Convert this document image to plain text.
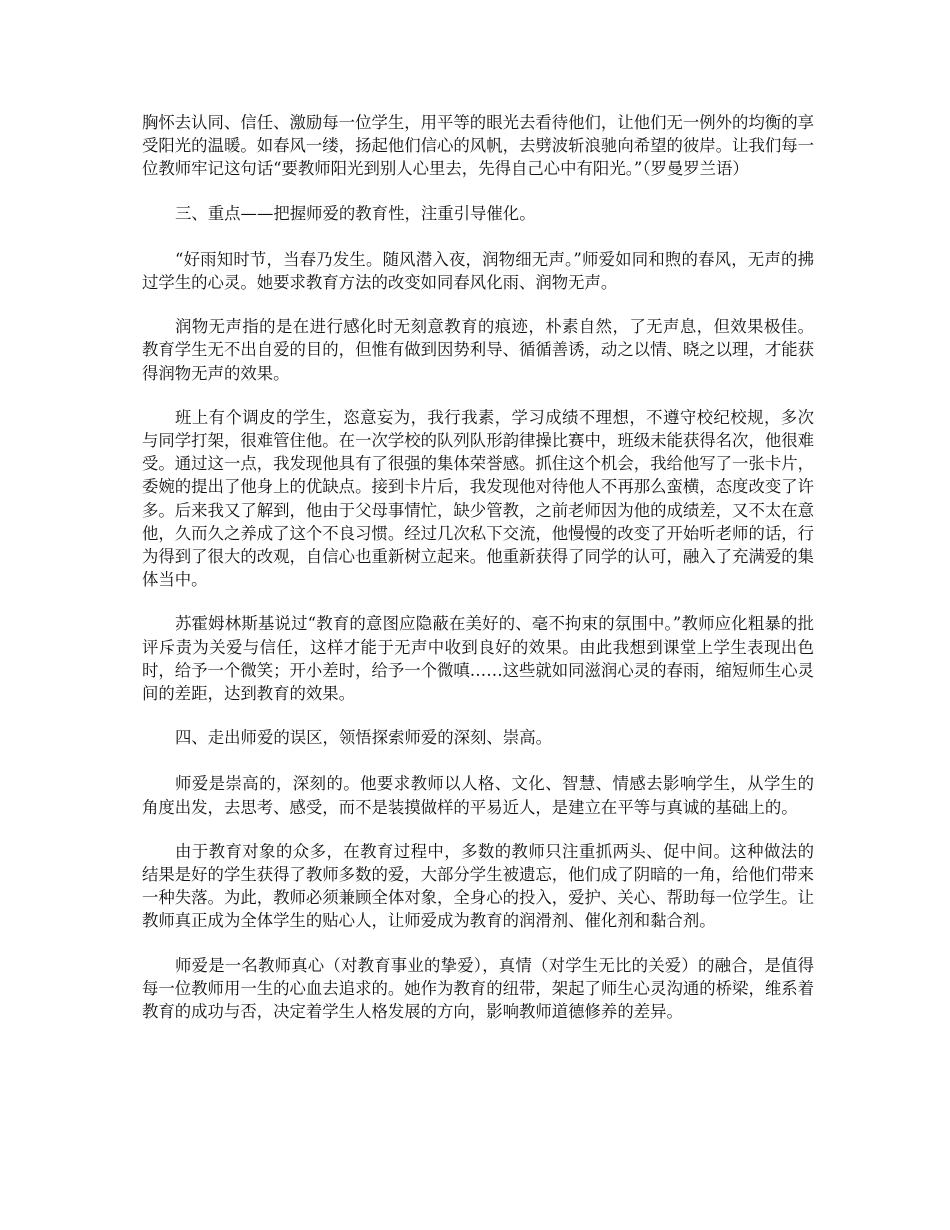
胸怀去认同、信任、激励每一位学生，用平等的眼光去看待他们，让他们无一例外的均衡的享受阳光的温暖。如春风一缕，扬起他们信心的风帆，去劈波斩浪驰向希望的彼岸。让我们每一位教师牢记这句话“要教师阳光到别人心里去，先得自己心中有阳光。”（罗曼罗兰语）

三、重点——把握师爱的教育性，注重引导催化。

“好雨知时节，当春乃发生。随风潜入夜，润物细无声。”师爱如同和煦的春风，无声的拂过学生的心灵。她要求教育方法的改变如同春风化雨、润物无声。

润物无声指的是在进行感化时无刻意教育的痕迹，朴素自然，了无声息，但效果极佳。教育学生无不出自爱的目的，但惟有做到因势利导、循循善诱，动之以情、晓之以理，才能获得润物无声的效果。

班上有个调皮的学生，恣意妄为，我行我素，学习成绩不理想，不遵守校纪校规，多次与同学打架，很难管住他。在一次学校的队列队形韵律操比赛中，班级未能获得名次，他很难受。通过这一点，我发现他具有了很强的集体荣誉感。抓住这个机会，我给他写了一张卡片，委婉的提出了他身上的优缺点。接到卡片后，我发现他对待他人不再那么蛮横，态度改变了许多。后来我又了解到，他由于父母事情忙，缺少管教，之前老师因为他的成绩差，又不太在意他，久而久之养成了这个不良习惯。经过几次私下交流，他慢慢的改变了开始听老师的话，行为得到了很大的改观，自信心也重新树立起来。他重新获得了同学的认可，融入了充满爱的集体当中。

苏霍姆林斯基说过“教育的意图应隐蔽在美好的、毫不拘束的氛围中。”教师应化粗暴的批评斥责为关爱与信任，这样才能于无声中收到良好的效果。由此我想到课堂上学生表现出色时，给予一个微笑；开小差时，给予一个微嗔……这些就如同滋润心灵的春雨，缩短师生心灵间的差距，达到教育的效果。

四、走出师爱的误区，领悟探索师爱的深刻、崇高。

师爱是崇高的，深刻的。他要求教师以人格、文化、智慧、情感去影响学生，从学生的角度出发，去思考、感受，而不是装摸做样的平易近人，是建立在平等与真诚的基础上的。

由于教育对象的众多，在教育过程中，多数的教师只注重抓两头、促中间。这种做法的结果是好的学生获得了教师多数的爱，大部分学生被遗忘，他们成了阴暗的一角，给他们带来一种失落。为此，教师必须兼顾全体对象，全身心的投入，爱护、关心、帮助每一位学生。让教师真正成为全体学生的贴心人，让师爱成为教育的润滑剂、催化剂和黏合剂。

师爱是一名教师真心（对教育事业的挚爱），真情（对学生无比的关爱）的融合，是值得每一位教师用一生的心血去追求的。她作为教育的纽带，架起了师生心灵沟通的桥梁，维系着教育的成功与否，决定着学生人格发展的方向，影响教师道德修养的差异。
